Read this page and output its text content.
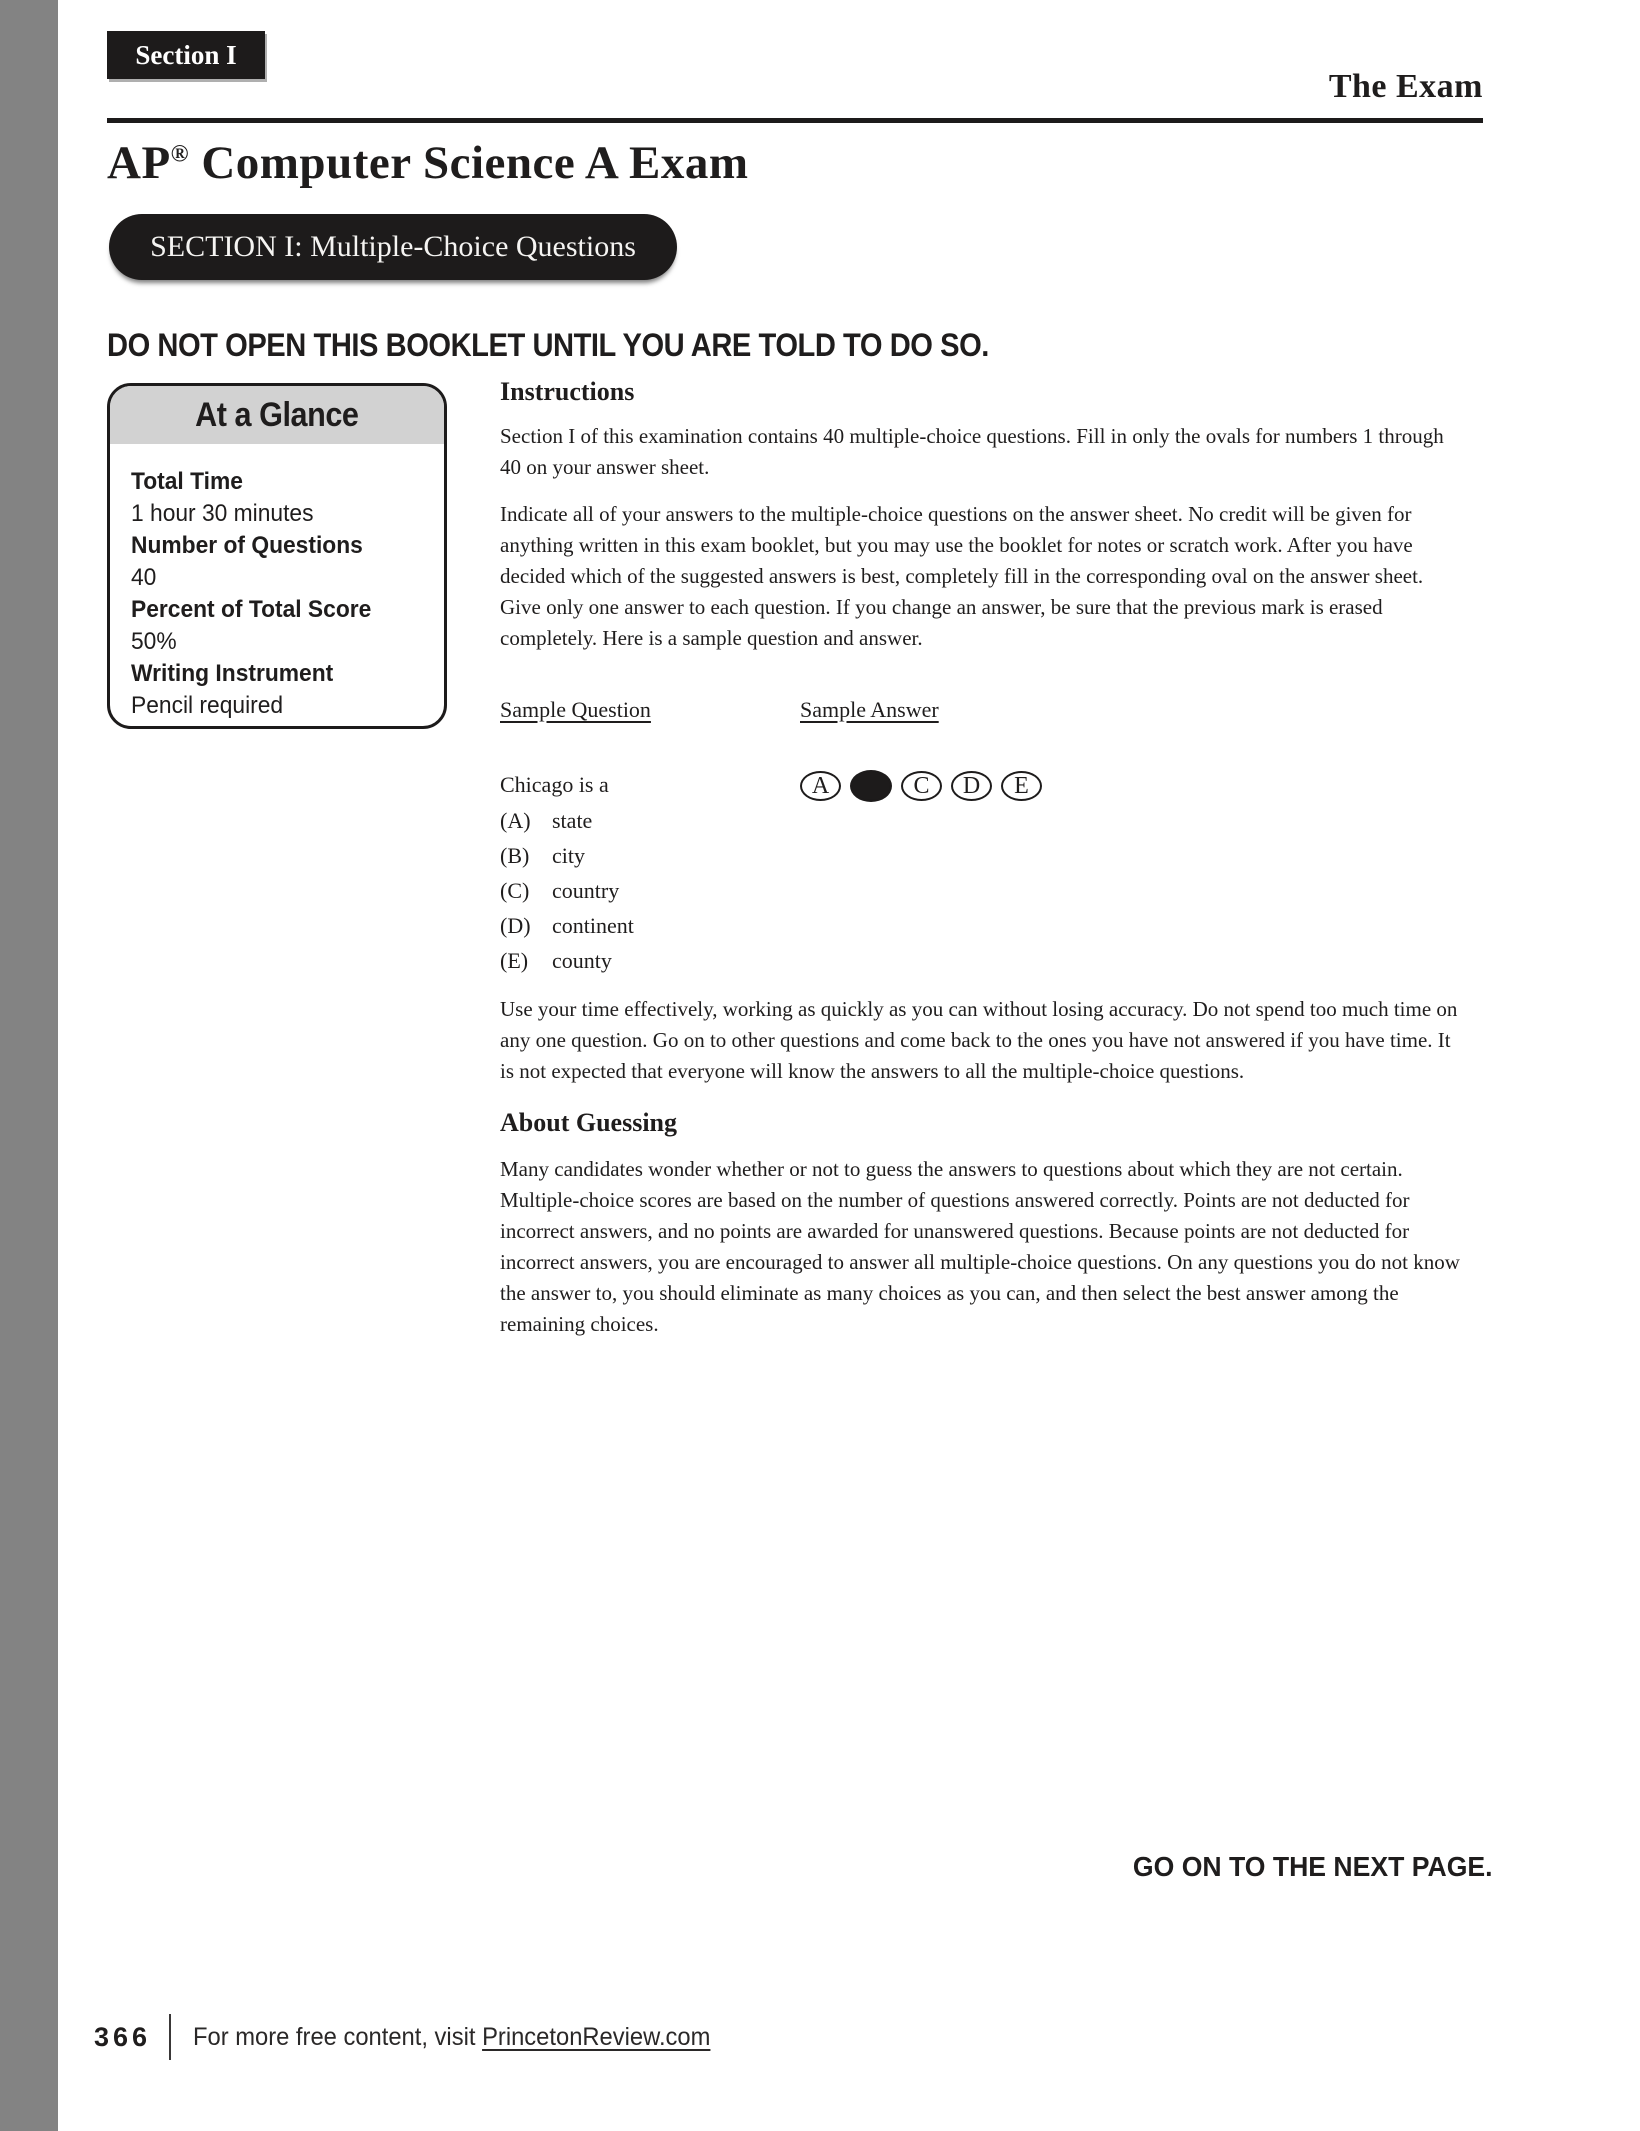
Section I
The Exam
AP® Computer Science A Exam
SECTION I: Multiple-Choice Questions
DO NOT OPEN THIS BOOKLET UNTIL YOU ARE TOLD TO DO SO.
At a Glance
Total Time
1 hour 30 minutes
Number of Questions
40
Percent of Total Score
50%
Writing Instrument
Pencil required
Instructions

Section I of this examination contains 40 multiple-choice questions. Fill in only the ovals for numbers 1 through 40 on your answer sheet.

Indicate all of your answers to the multiple-choice questions on the answer sheet. No credit will be given for anything written in this exam booklet, but you may use the booklet for notes or scratch work. After you have decided which of the suggested answers is best, completely fill in the corresponding oval on the answer sheet. Give only one answer to each question. If you change an answer, be sure that the previous mark is erased completely. Here is a sample question and answer.

Sample Question
Chicago is a
(A) state
(B) city
(C) country
(D) continent
(E) county
Sample Answer
A	C D E

Use your time effectively, working as quickly as you can without losing accuracy. Do not spend too much time on any one question. Go on to other questions and come back to the ones you have not answered if you have time. It is not expected that everyone will know the answers to all the multiple-choice questions.

About Guessing

Many candidates wonder whether or not to guess the answers to questions about which they are not certain. Multiple-choice scores are based on the number of questions answered correctly. Points are not deducted for incorrect answers, and no points are awarded for unanswered questions. Because points are not deducted for incorrect answers, you are encouraged to answer all multiple-choice questions. On any questions you do not know the answer to, you should eliminate as many choices as you can, and then select the best answer among the remaining choices.

GO ON TO THE NEXT PAGE.
366 For more free content, visit PrincetonReview.com
